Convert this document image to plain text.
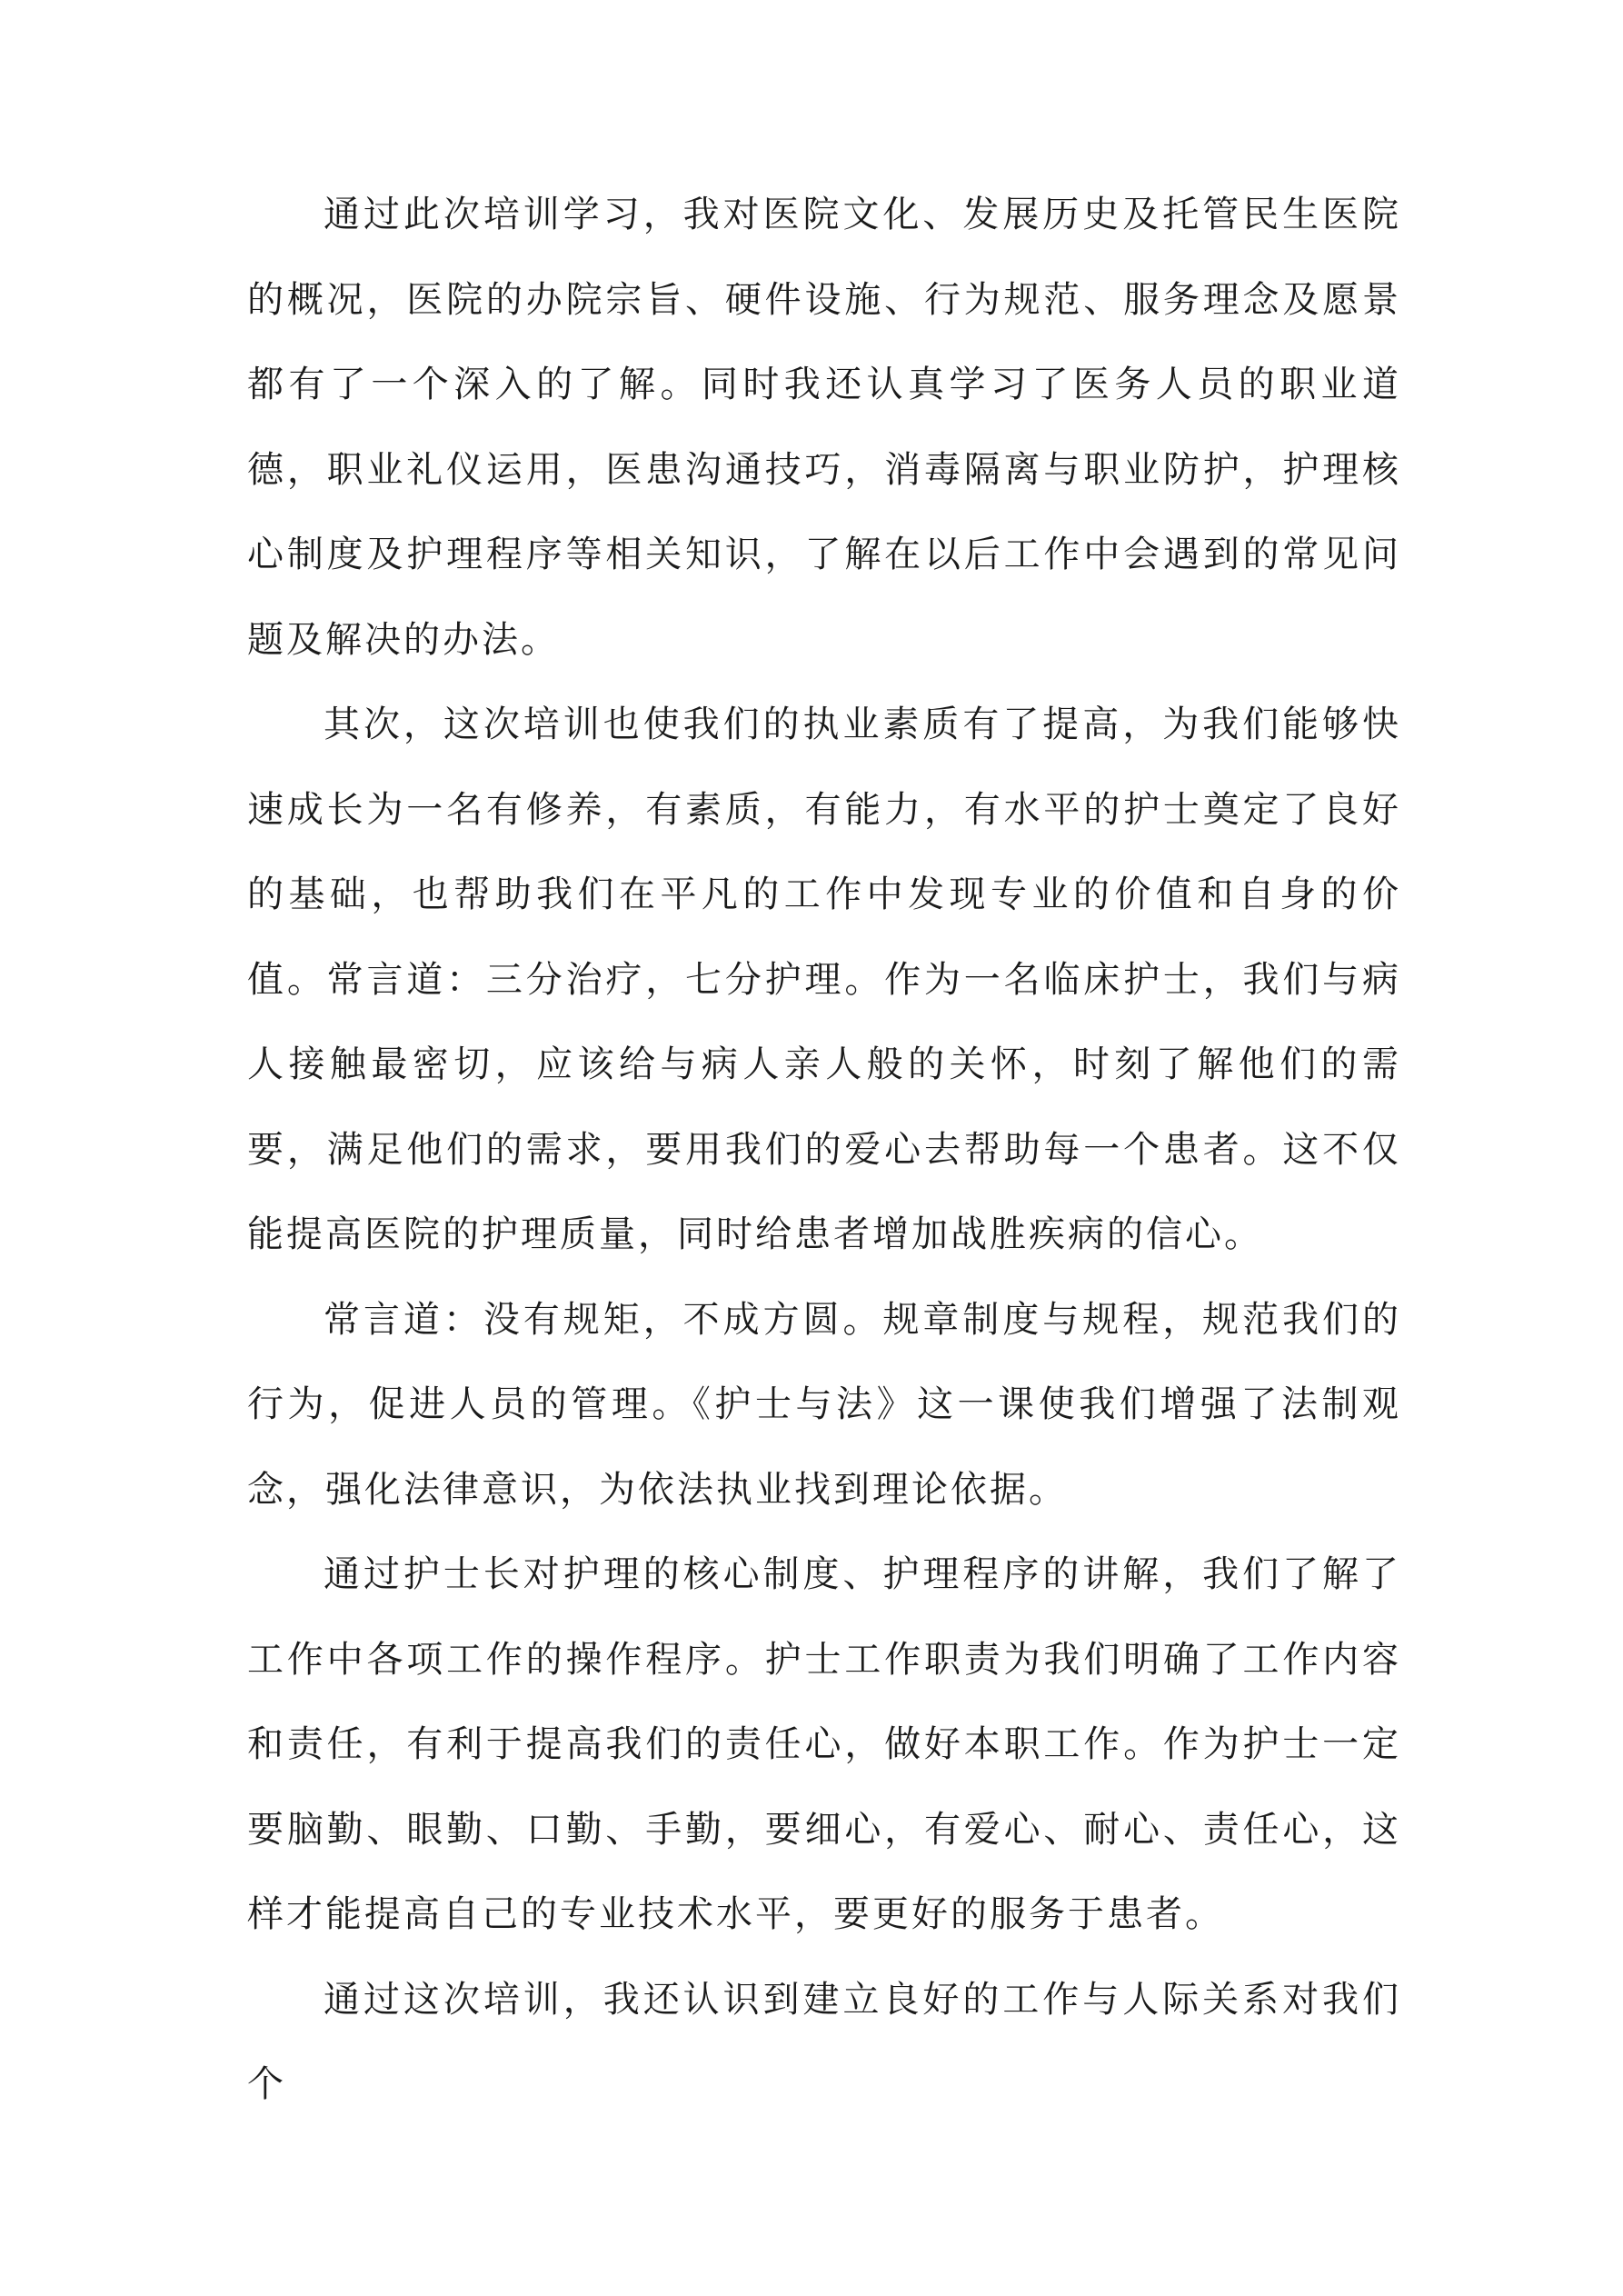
通过此次培训学习，我对医院文化、发展历史及托管民生医院的概况，医院的办院宗旨、硬件设施、行为规范、服务理念及愿景都有了一个深入的了解。同时我还认真学习了医务人员的职业道德，职业礼仪运用，医患沟通技巧，消毒隔离与职业防护，护理核心制度及护理程序等相关知识，了解在以后工作中会遇到的常见问题及解决的办法。

其次，这次培训也使我们的执业素质有了提高，为我们能够快速成长为一名有修养，有素质，有能力，有水平的护士奠定了良好的基础，也帮助我们在平凡的工作中发现专业的价值和自身的价值。常言道：三分治疗，七分护理。作为一名临床护士，我们与病人接触最密切，应该给与病人亲人般的关怀，时刻了解他们的需要，满足他们的需求，要用我们的爱心去帮助每一个患者。这不仅能提高医院的护理质量，同时给患者增加战胜疾病的信心。

常言道：没有规矩，不成方圆。规章制度与规程，规范我们的行为，促进人员的管理。《护士与法》这一课使我们增强了法制观念，强化法律意识，为依法执业找到理论依据。

通过护士长对护理的核心制度、护理程序的讲解，我们了解了工作中各项工作的操作程序。护士工作职责为我们明确了工作内容和责任，有利于提高我们的责任心，做好本职工作。作为护士一定要脑勤、眼勤、口勤、手勤，要细心，有爱心、耐心、责任心，这样才能提高自己的专业技术水平，要更好的服务于患者。

通过这次培训，我还认识到建立良好的工作与人际关系对我们个
